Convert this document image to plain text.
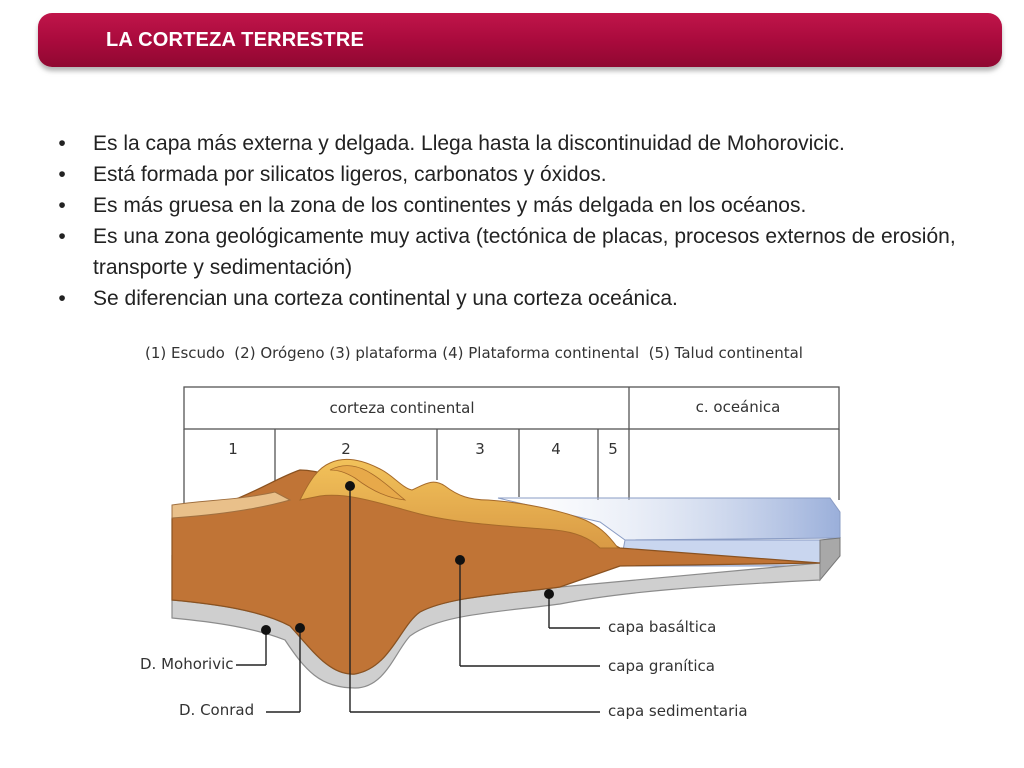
LA CORTEZA TERRESTRE
•	Es la capa más externa y delgada. Llega hasta la discontinuidad de Mohorovicic.
•	Está formada por silicatos ligeros, carbonatos y óxidos.
•	Es más gruesa en la zona de los continentes y más delgada en los océanos.
•	Es una zona geológicamente muy activa (tectónica de placas, procesos externos de erosión, transporte y sedimentación)
•	Se diferencian una corteza continental y una corteza oceánica.
(1) Escudo  (2) Orógeno (3) plataforma (4) Plataforma continental  (5) Talud continental
corteza continental	c. oceánica
1	2	3	4	5
capa basáltica
capa granítica
capa sedimentaria
D. Mohorivic
D. Conrad
